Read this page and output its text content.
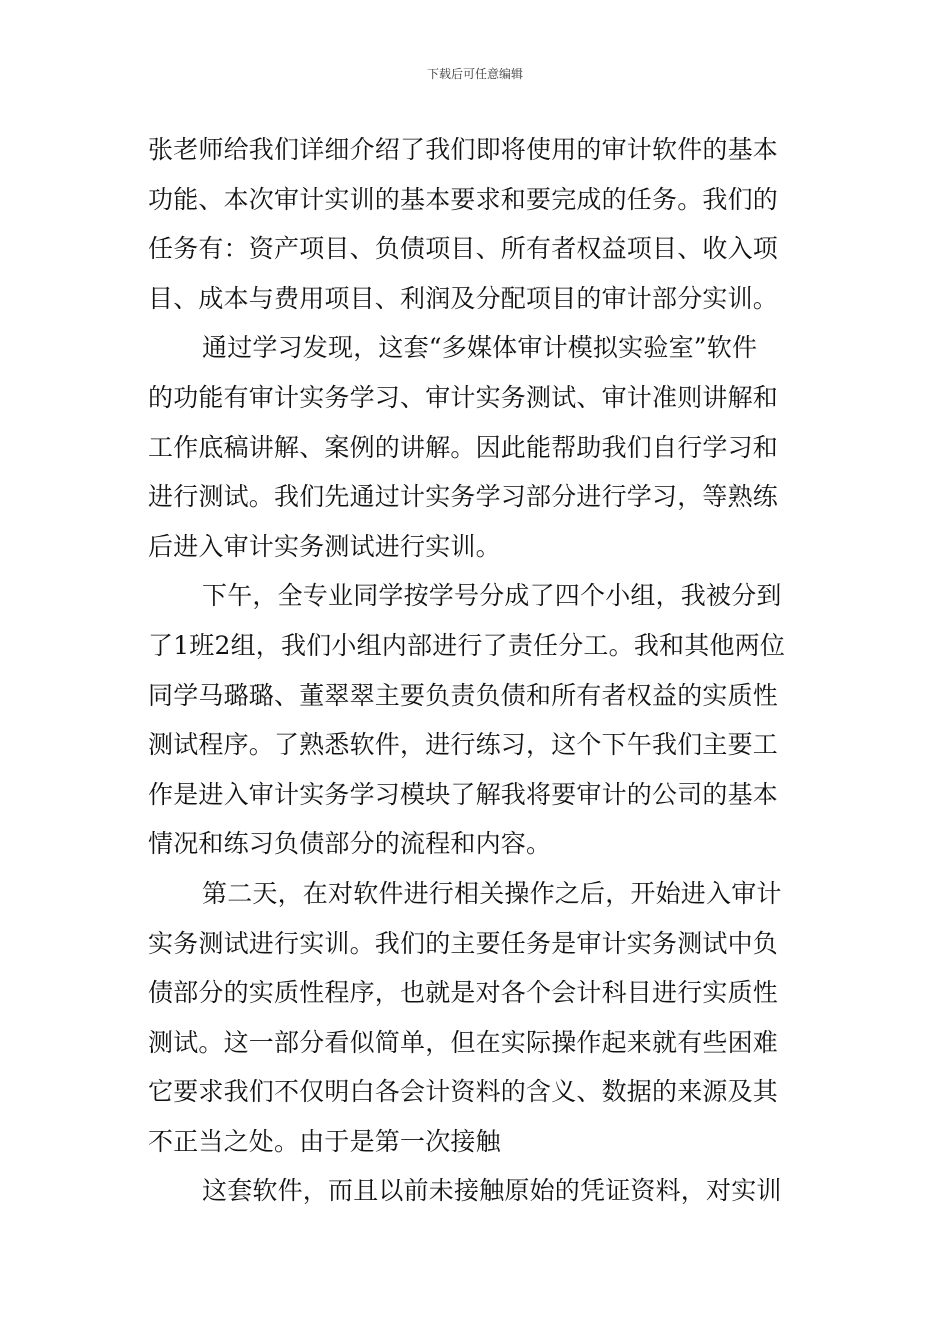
下载后可任意编辑
张老师给我们详细介绍了我们即将使用的审计软件的基本
功能、本次审计实训的基本要求和要完成的任务。我们的
任务有：资产项目、负债项目、所有者权益项目、收入项
目、成本与费用项目、利润及分配项目的审计部分实训。
通过学习发现，这套“多媒体审计模拟实验室”软件
的功能有审计实务学习、审计实务测试、审计准则讲解和
工作底稿讲解、案例的讲解。因此能帮助我们自行学习和
进行测试。我们先通过计实务学习部分进行学习，等熟练
后进入审计实务测试进行实训。
下午，全专业同学按学号分成了四个小组，我被分到
了1班2组，我们小组内部进行了责任分工。我和其他两位
同学马璐璐、董翠翠主要负责负债和所有者权益的实质性
测试程序。了熟悉软件，进行练习，这个下午我们主要工
作是进入审计实务学习模块了解我将要审计的公司的基本
情况和练习负债部分的流程和内容。
第二天，在对软件进行相关操作之后，开始进入审计
实务测试进行实训。我们的主要任务是审计实务测试中负
债部分的实质性程序，也就是对各个会计科目进行实质性
测试。这一部分看似简单，但在实际操作起来就有些困难
它要求我们不仅明白各会计资料的含义、数据的来源及其
不正当之处。由于是第一次接触
这套软件，而且以前未接触原始的凭证资料，对实训
